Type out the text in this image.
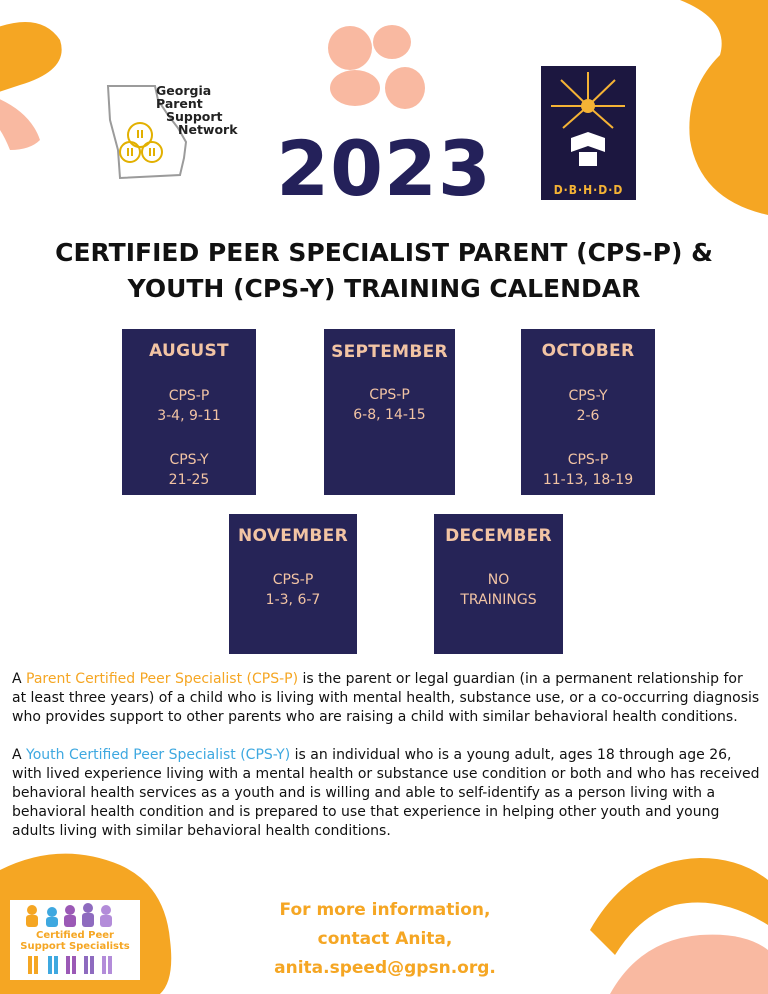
Georgia
Parent
Support
Network
D·B·H·D·D
2023
CERTIFIED PEER SPECIALIST PARENT (CPS-P) &
YOUTH (CPS-Y) TRAINING CALENDAR
AUGUST
CPS-P
3-4, 9-11
CPS-Y
21-25
SEPTEMBER
CPS-P
6-8, 14-15
OCTOBER
CPS-Y
2-6
CPS-P
11-13, 18-19
NOVEMBER
CPS-P
1-3, 6-7
DECEMBER
NO
TRAININGS

A Parent Certified Peer Specialist (CPS-P) is the parent or legal guardian (in a permanent relationship for at least three years) of a child who is living with mental health, substance use, or a co-occurring diagnosis who provides support to other parents who are raising a child with similar behavioral health conditions.

A Youth Certified Peer Specialist (CPS-Y) is an individual who is a young adult, ages 18 through age 26, with lived experience living with a mental health or substance use condition or both and who has received behavioral health services as a youth and is willing and able to self-identify as a person living with a behavioral health condition and is prepared to use that experience in helping other youth and young adults living with similar behavioral health conditions.

Certified Peer
Support Specialists
For more information,
contact Anita,
anita.speed@gpsn.org.
